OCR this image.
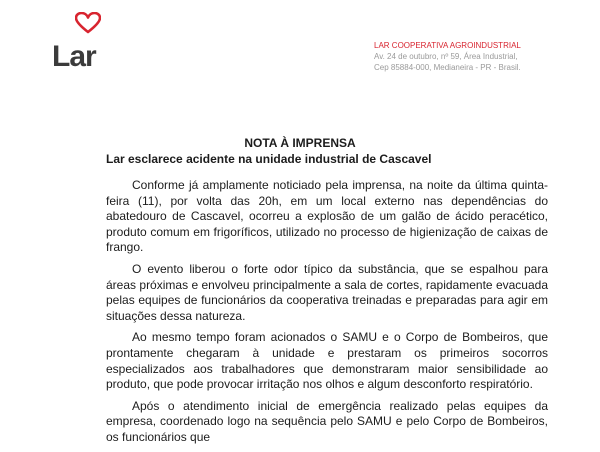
Lar	LAR COOPERATIVA AGROINDUSTRIAL
Av. 24 de outubro, nº 59, Área Industrial,
Cep 85884-000, Medianeira - PR - Brasil.
NOTA À IMPRENSA
Lar esclarece acidente na unidade industrial de Cascavel

Conforme já amplamente noticiado pela imprensa, na noite da última quinta-feira (11), por volta das 20h, em um local externo nas dependências do abatedouro de Cascavel, ocorreu a explosão de um galão de ácido peracético, produto comum em frigoríficos, utilizado no processo de higienização de caixas de frango.

O evento liberou o forte odor típico da substância, que se espalhou para áreas próximas e envolveu principalmente a sala de cortes, rapidamente evacuada pelas equipes de funcionários da cooperativa treinadas e preparadas para agir em situações dessa natureza.

Ao mesmo tempo foram acionados o SAMU e o Corpo de Bombeiros, que prontamente chegaram à unidade e prestaram os primeiros socorros especializados aos trabalhadores que demonstraram maior sensibilidade ao produto, que pode provocar irritação nos olhos e algum desconforto respiratório.

Após o atendimento inicial de emergência realizado pelas equipes da empresa, coordenado logo na sequência pelo SAMU e pelo Corpo de Bombeiros, os funcionários que
